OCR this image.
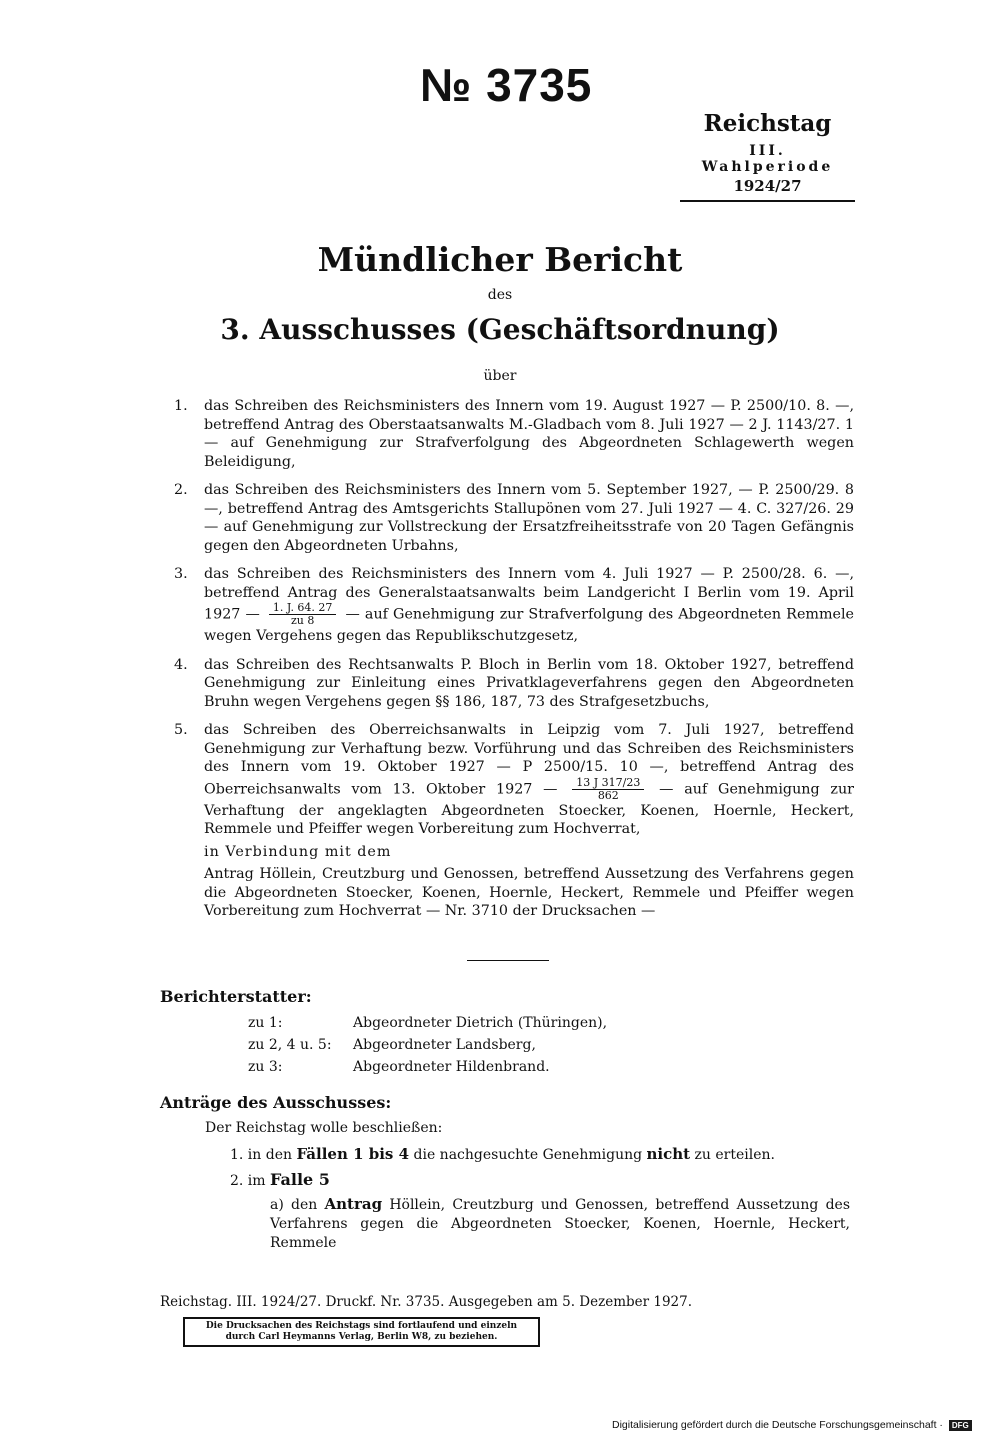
№ 3735
Reichstag
III. Wahlperiode
1924/27
Mündlicher Bericht
des
3. Ausschusses (Geschäftsordnung)
über
1.	das Schreiben des Reichsministers des Innern vom 19. August 1927 — P. 2500/10. 8. —, betreffend Antrag des Oberstaatsanwalts M.-Gladbach vom 8. Juli 1927 — 2 J. 1143/27. 1 — auf Genehmigung zur Strafverfolgung des Abgeordneten Schlagewerth wegen Beleidigung,
2.	das Schreiben des Reichsministers des Innern vom 5. September 1927, — P. 2500/29. 8 —, betreffend Antrag des Amtsgerichts Stallupönen vom 27. Juli 1927 — 4. C. 327/26. 29 — auf Genehmigung zur Vollstreckung der Ersatzfreiheitsstrafe von 20 Tagen Gefängnis gegen den Abgeordneten Urbahns,
3.	das Schreiben des Reichsministers des Innern vom 4. Juli 1927 — P. 2500/28. 6. —, betreffend Antrag des Generalstaatsanwalts beim Landgericht I Berlin vom 19. April 1927 — $\frac{1. J. 64. 27}{zu 8}$ — auf Genehmigung zur Strafverfolgung des Abgeordneten Remmele wegen Vergehens gegen das Republikschutzgesetz,
4.	das Schreiben des Rechtsanwalts P. Bloch in Berlin vom 18. Oktober 1927, betreffend Genehmigung zur Einleitung eines Privatklageverfahrens gegen den Abgeordneten Bruhn wegen Vergehens gegen §§ 186, 187, 73 des Strafgesetzbuchs,
5.	das Schreiben des Oberreichsanwalts in Leipzig vom 7. Juli 1927, betreffend Genehmigung zur Verhaftung bezw. Vorführung und das Schreiben des Reichsministers des Innern vom 19. Oktober 1927 — P 2500/15. 10 —, betreffend Antrag des Oberreichsanwalts vom 13. Oktober 1927 — $\frac{13 J 317/23}{862}$ — auf Genehmigung zur Verhaftung der angeklagten Abgeordneten Stoecker, Koenen, Hoernle, Heckert, Remmele und Pfeiffer wegen Vorbereitung zum Hochverrat,
in Verbindung mit dem
Antrag Höllein, Creutzburg und Genossen, betreffend Aussetzung des Verfahrens gegen die Abgeordneten Stoecker, Koenen, Hoernle, Heckert, Remmele und Pfeiffer wegen Vorbereitung zum Hochverrat — Nr. 3710 der Drucksachen —
Berichterstatter:
zu 1:	Abgeordneter Dietrich (Thüringen),
zu 2, 4 u. 5:	Abgeordneter Landsberg,
zu 3:	Abgeordneter Hildenbrand.
Anträge des Ausschusses:
Der Reichstag wolle beschließen:
1. in den Fällen 1 bis 4 die nachgesuchte Genehmigung nicht zu erteilen.
2. im Falle 5
a) den Antrag Höllein, Creutzburg und Genossen, betreffend Aussetzung des Verfahrens gegen die Abgeordneten Stoecker, Koenen, Hoernle, Heckert, Remmele
Reichstag. III. 1924/27. Druckf. Nr. 3735. Ausgegeben am 5. Dezember 1927.
Die Drucksachen des Reichstags sind fortlaufend und einzeln
durch Carl Heymanns Verlag, Berlin W8, zu beziehen.
Digitalisierung gefördert durch die Deutsche Forschungsgemeinschaft · DFG
